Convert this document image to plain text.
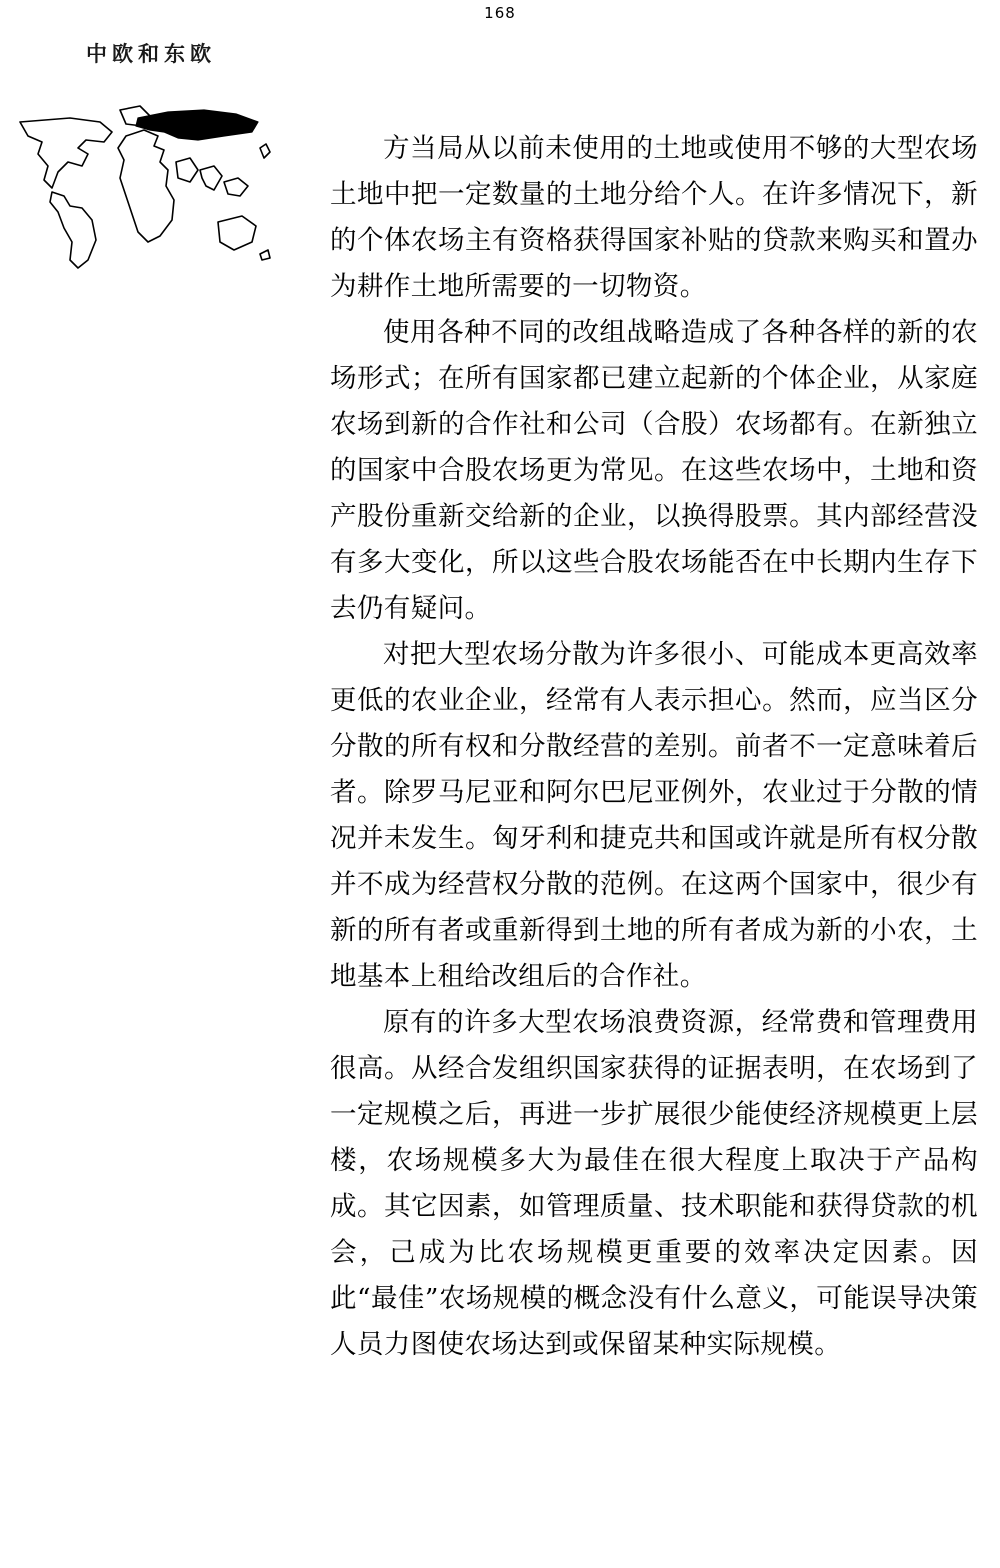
168
中欧和东欧

方当局从以前未使用的土地或使用不够的大型农场土地中把一定数量的土地分给个人。在许多情况下，新的个体农场主有资格获得国家补贴的贷款来购买和置办为耕作土地所需要的一切物资。

使用各种不同的改组战略造成了各种各样的新的农场形式；在所有国家都已建立起新的个体企业，从家庭农场到新的合作社和公司（合股）农场都有。在新独立的国家中合股农场更为常见。在这些农场中，土地和资产股份重新交给新的企业，以换得股票。其内部经营没有多大变化，所以这些合股农场能否在中长期内生存下去仍有疑问。

对把大型农场分散为许多很小、可能成本更高效率更低的农业企业，经常有人表示担心。然而，应当区分分散的所有权和分散经营的差别。前者不一定意味着后者。除罗马尼亚和阿尔巴尼亚例外，农业过于分散的情况并未发生。匈牙利和捷克共和国或许就是所有权分散并不成为经营权分散的范例。在这两个国家中，很少有新的所有者或重新得到土地的所有者成为新的小农，土地基本上租给改组后的合作社。

原有的许多大型农场浪费资源，经常费和管理费用很高。从经合发组织国家获得的证据表明，在农场到了一定规模之后，再进一步扩展很少能使经济规模更上层楼，农场规模多大为最佳在很大程度上取决于产品构成。其它因素，如管理质量、技术职能和获得贷款的机会，己成为比农场规模更重要的效率决定因素。因此“最佳”农场规模的概念没有什么意义，可能误导决策人员力图使农场达到或保留某种实际规模。
